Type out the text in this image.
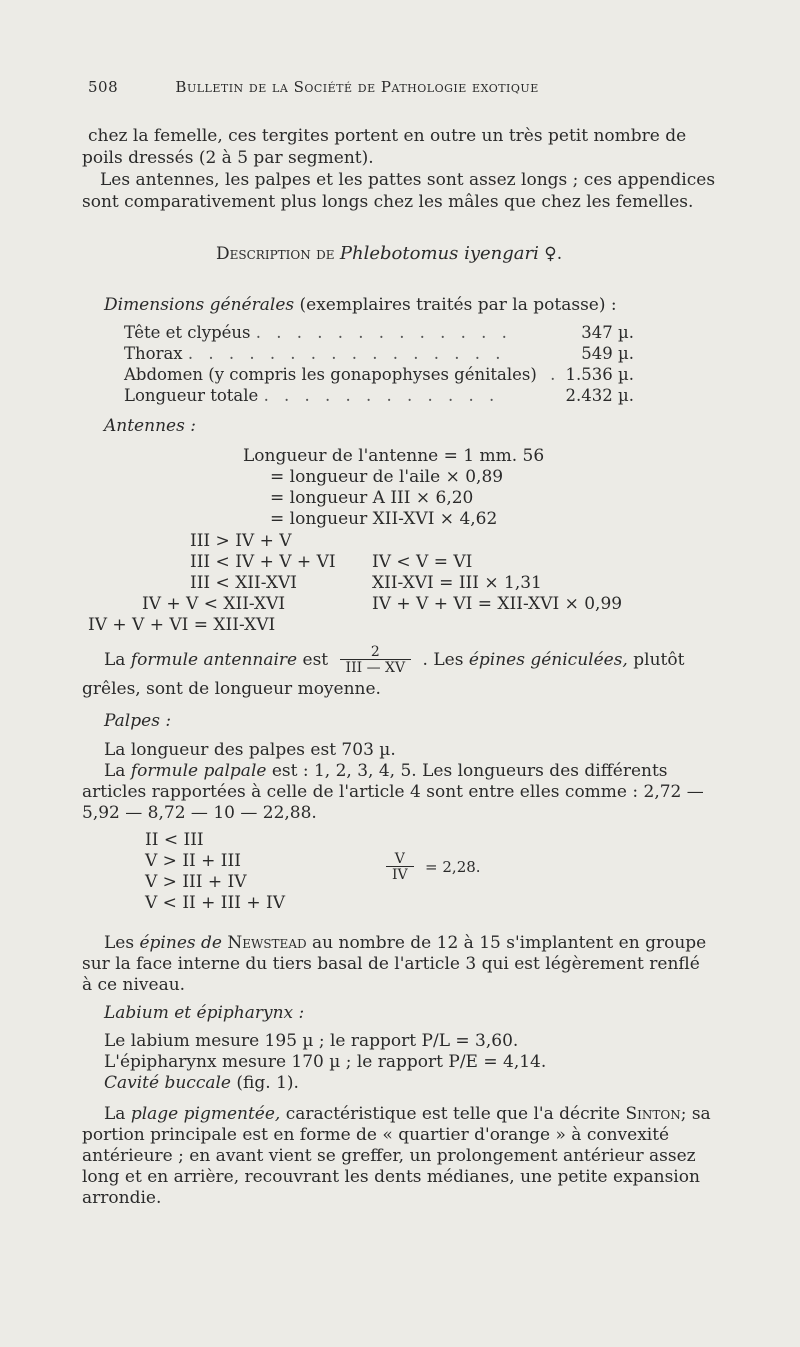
508	Bulletin de la Société de Pathologie exotique
chez la femelle, ces tergites portent en outre un très petit nombre de
poils dressés (2 à 5 par segment).
Les antennes, les palpes et les pattes sont assez longs ; ces appendices
sont comparativement plus longs chez les mâles que chez les femelles.
Description de Phlebotomus iyengari ♀.
Dimensions générales (exemplaires traités par la potasse) :
Tête et clypéus . . . . . . . . . . . . .	347 µ.
Thorax . . . . . . . . . . . . . . . .	549 µ.
Abdomen (y compris les gonapophyses génitales) . 1.536 µ.
Longueur totale . . . . . . . . . . . .	2.432 µ.
Antennes :
Longueur de l'antenne = 1 mm. 56
= longueur de l'aile × 0,89
= longueur A III × 6,20
= longueur XII-XVI × 4,62
III > IV + V
III < IV + V + VI
III < XII-XVI
IV + V < XII-XVI
IV + V + VI = XII-XVI
IV < V = VI
XII-XVI = III × 1,31
IV + V + VI = XII-XVI × 0,99
La formule antennaire est $\frac{2}{\text{III — XV}}$ . Les épines géniculées, plutôt
grêles, sont de longueur moyenne.
Palpes :
La longueur des palpes est 703 µ.
La formule palpale est : 1, 2, 3, 4, 5. Les longueurs des différents
articles rapportées à celle de l'article 4 sont entre elles comme : 2,72 —
5,92 — 8,72 — 10 — 22,88.
II < III
V > II + III
V > III + IV
V < II + III + IV
$\frac{V}{IV} = 2,28$.
Les épines de Newstead au nombre de 12 à 15 s'implantent en groupe
sur la face interne du tiers basal de l'article 3 qui est légèrement renflé
à ce niveau.
Labium et épipharynx :
Le labium mesure 195 µ ; le rapport P/L = 3,60.
L'épipharynx mesure 170 µ ; le rapport P/E = 4,14.
Cavité buccale (fig. 1).
La plage pigmentée, caractéristique est telle que l'a décrite Sinton; sa
portion principale est en forme de « quartier d'orange » à convexité
antérieure ; en avant vient se greffer, un prolongement antérieur assez
long et en arrière, recouvrant les dents médianes, une petite expansion
arrondie.
